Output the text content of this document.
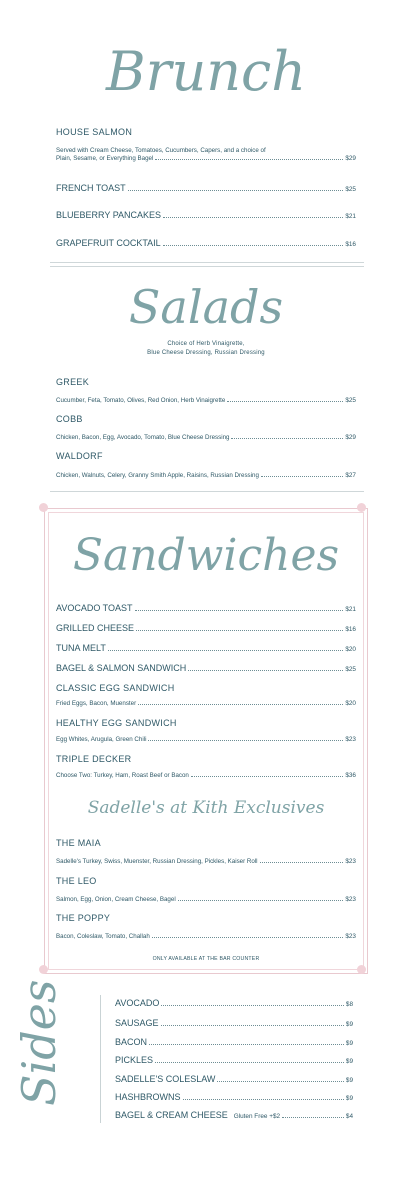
Brunch
HOUSE SALMON
Served with Cream Cheese, Tomatoes, Cucumbers, Capers, and a choice of
Plain, Sesame, or Everything Bagel	$29
FRENCH TOAST	$25
BLUEBERRY PANCAKES	$21
GRAPEFRUIT COCKTAIL	$16
Salads
Choice of Herb Vinaigrette,
Blue Cheese Dressing, Russian Dressing
GREEK
Cucumber, Feta, Tomato, Olives, Red Onion, Herb Vinaigrette	$25
COBB
Chicken, Bacon, Egg, Avocado, Tomato, Blue Cheese Dressing	$29
WALDORF
Chicken, Walnuts, Celery, Granny Smith Apple, Raisins, Russian Dressing	$27
Sandwiches
AVOCADO TOAST	$21
GRILLED CHEESE	$16
TUNA MELT	$20
BAGEL & SALMON SANDWICH	$25
CLASSIC EGG SANDWICH
Fried Eggs, Bacon, Muenster	$20
HEALTHY EGG SANDWICH
Egg Whites, Arugula, Green Chili	$23
TRIPLE DECKER
Choose Two: Turkey, Ham, Roast Beef or Bacon	$36
Sadelle's at Kith Exclusives
THE MAIA
Sadelle's Turkey, Swiss, Muenster, Russian Dressing, Pickles, Kaiser Roll	$23
THE LEO
Salmon, Egg, Onion, Cream Cheese, Bagel	$23
THE POPPY
Bacon, Coleslaw, Tomato, Challah	$23
ONLY AVAILABLE AT THE BAR COUNTER
Sides	AVOCADO	$8
SAUSAGE	$9
BACON	$9
PICKLES	$9
SADELLE'S COLESLAW	$9
HASHBROWNS	$9
BAGEL & CREAM CHEESE Gluten Free +$2	$4
